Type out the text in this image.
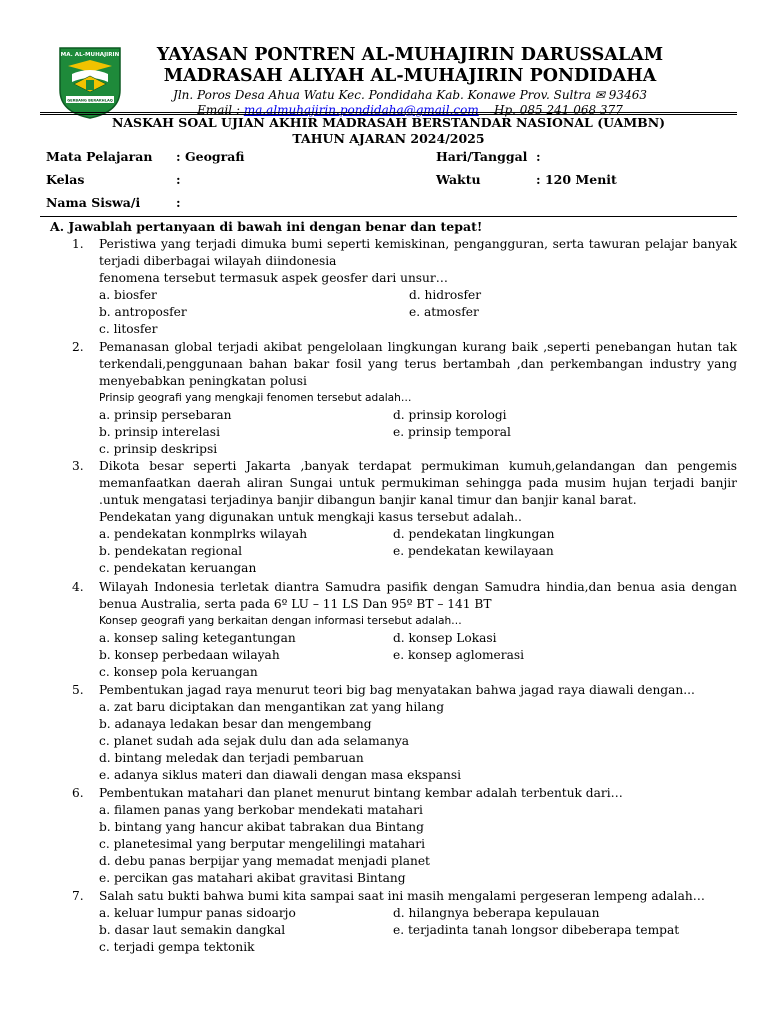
MA. AL-MUHAJIRIN
GERBANG BERAKHLAQ
YAYASAN PONTREN AL-MUHAJIRIN DARUSSALAM
MADRASAH ALIYAH AL-MUHAJIRIN PONDIDAHA
Jln. Poros Desa Ahua Watu Kec. Pondidaha Kab. Konawe Prov. Sultra ✉ 93463
Email : ma.almuhajirin.pondidaha@gmail.com Hp. 085 241 068 377
NASKAH SOAL UJIAN AKHIR MADRASAH BERSTANDAR NASIONAL (UAMBN)
TAHUN AJARAN 2024/2025
Mata Pelajaran : Geografi	Hari/Tanggal :
Kelas	:	Waktu	: 120 Menit
Nama Siswa/i	:
A. Jawablah pertanyaan di bawah ini dengan benar dan tepat!
1. Peristiwa yang terjadi dimuka bumi seperti kemiskinan, pengangguran, serta tawuran pelajar banyak terjadi diberbagai wilayah diindonesia
fenomena tersebut termasuk aspek geosfer dari unsur…
a. biosfer	d. hidrosfer
b. antroposfer	e. atmosfer
c. litosfer
2. Pemanasan global terjadi akibat pengelolaan lingkungan kurang baik ,seperti penebangan hutan tak terkendali,penggunaan bahan bakar fosil yang terus bertambah ,dan perkembangan industry yang menyebabkan peningkatan polusi
Prinsip geografi yang mengkaji fenomen tersebut adalah…
a. prinsip persebaran	d. prinsip korologi
b. prinsip interelasi	e. prinsip temporal
c. prinsip deskripsi
3. Dikota besar seperti Jakarta ,banyak terdapat permukiman kumuh,gelandangan dan pengemis memanfaatkan daerah aliran Sungai untuk permukiman sehingga pada musim hujan terjadi banjir .untuk mengatasi terjadinya banjir dibangun banjir kanal timur dan banjir kanal barat.
Pendekatan yang digunakan untuk mengkaji kasus tersebut adalah..
a. pendekatan konmplrks wilayah	d. pendekatan lingkungan
b. pendekatan regional	e. pendekatan kewilayaan
c. pendekatan keruangan
4. Wilayah Indonesia terletak diantra Samudra pasifik dengan Samudra hindia,dan benua asia dengan benua Australia, serta pada 6º LU – 11 LS Dan 95º BT – 141 BT
Konsep geografi yang berkaitan dengan informasi tersebut adalah…
a. konsep saling ketegantungan	d. konsep Lokasi
b. konsep perbedaan wilayah	e. konsep aglomerasi
c. konsep pola keruangan
5. Pembentukan jagad raya menurut teori big bag menyatakan bahwa jagad raya diawali dengan...
a. zat baru diciptakan dan mengantikan zat yang hilang
b. adanaya ledakan besar dan mengembang
c. planet sudah ada sejak dulu dan ada selamanya
d. bintang meledak dan terjadi pembaruan
e. adanya siklus materi dan diawali dengan masa ekspansi
6. Pembentukan matahari dan planet menurut bintang kembar adalah terbentuk dari…
a. filamen panas yang berkobar mendekati matahari
b. bintang yang hancur akibat tabrakan dua Bintang
c. planetesimal yang berputar mengelilingi matahari
d. debu panas berpijar yang memadat menjadi planet
e. percikan gas matahari akibat gravitasi Bintang
7. Salah satu bukti bahwa bumi kita sampai saat ini masih mengalami pergeseran lempeng adalah…
a. keluar lumpur panas sidoarjo	d. hilangnya beberapa kepulauan
b. dasar laut semakin dangkal	e. terjadinta tanah longsor dibeberapa tempat
c. terjadi gempa tektonik
